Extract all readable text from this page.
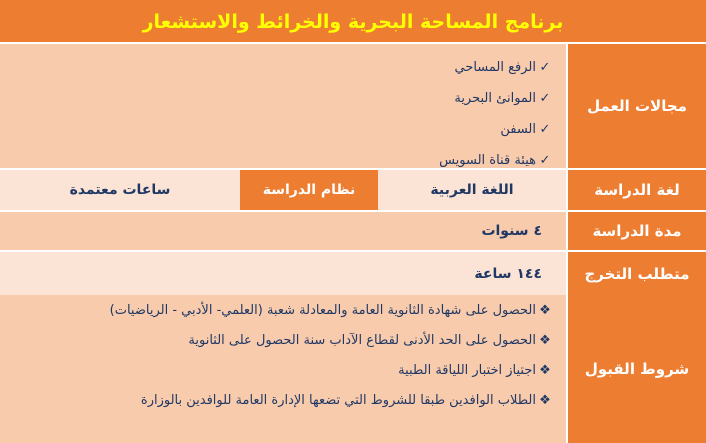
برنامج المساحة البحرية والخرائط والاستشعار
مجالات العمل
✓
الرفع المساحي
✓
الموانئ البحرية
✓
السفن
✓
هيئة قناة السويس
لغة الدراسة
اللغة العربية
نظام الدراسة
ساعات معتمدة
مدة الدراسة
٤ سنوات
متطلب التخرج
١٤٤ ساعة
شروط القبول
❖
الحصول على شهادة الثانوية العامة والمعادلة شعبة (العلمي- الأدبي - الرياضيات)
❖
الحصول على الحد الأدنى لقطاع الآداب سنة الحصول على الثانوية
❖
اجتياز اختبار اللياقة الطبية
❖
الطلاب الوافدين طبقا للشروط التي تضعها الإدارة العامة للوافدين بالوزارة
